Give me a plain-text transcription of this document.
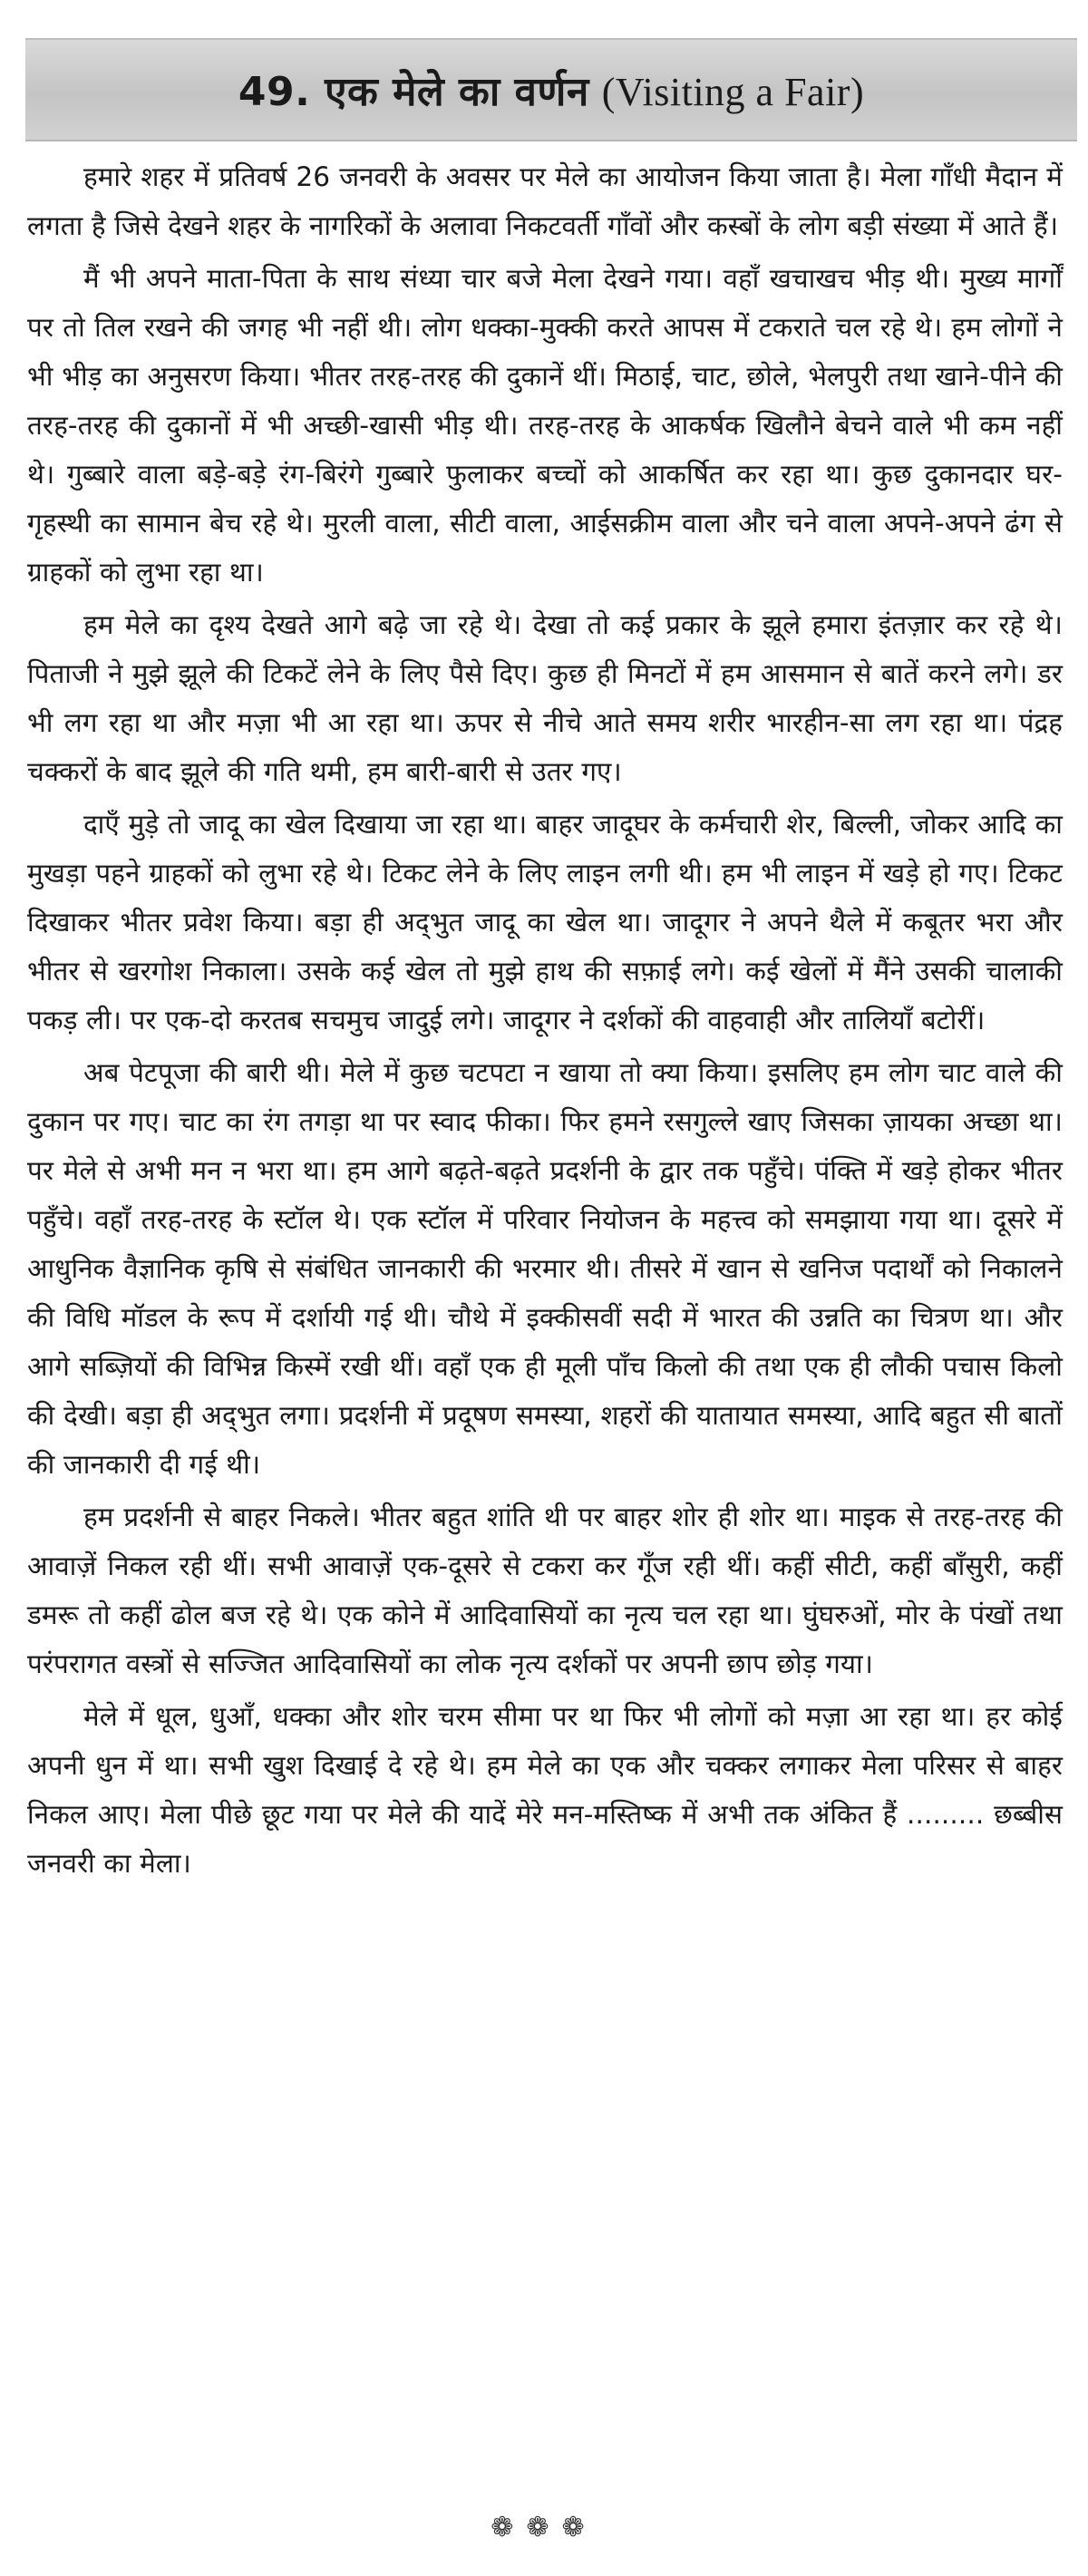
49. एक मेले का वर्णन (Visiting a Fair)

हमारे शहर में प्रतिवर्ष 26 जनवरी के अवसर पर मेले का आयोजन किया जाता है। मेला गाँधी मैदान में लगता है जिसे देखने शहर के नागरिकों के अलावा निकटवर्ती गाँवों और कस्बों के लोग बड़ी संख्या में आते हैं।

मैं भी अपने माता-पिता के साथ संध्या चार बजे मेला देखने गया। वहाँ खचाखच भीड़ थी। मुख्य मार्गों पर तो तिल रखने की जगह भी नहीं थी। लोग धक्का-मुक्की करते आपस में टकराते चल रहे थे। हम लोगों ने भी भीड़ का अनुसरण किया। भीतर तरह-तरह की दुकानें थीं। मिठाई, चाट, छोले, भेलपुरी तथा खाने-पीने की तरह-तरह की दुकानों में भी अच्छी-खासी भीड़ थी। तरह-तरह के आकर्षक खिलौने बेचने वाले भी कम नहीं थे। गुब्बारे वाला बड़े-बड़े रंग-बिरंगे गुब्बारे फुलाकर बच्चों को आकर्षित कर रहा था। कुछ दुकानदार घर-गृहस्थी का सामान बेच रहे थे। मुरली वाला, सीटी वाला, आईसक्रीम वाला और चने वाला अपने-अपने ढंग से ग्राहकों को लुभा रहा था।

हम मेले का दृश्य देखते आगे बढ़े जा रहे थे। देखा तो कई प्रकार के झूले हमारा इंतज़ार कर रहे थे। पिताजी ने मुझे झूले की टिकटें लेने के लिए पैसे दिए। कुछ ही मिनटों में हम आसमान से बातें करने लगे। डर भी लग रहा था और मज़ा भी आ रहा था। ऊपर से नीचे आते समय शरीर भारहीन-सा लग रहा था। पंद्रह चक्करों के बाद झूले की गति थमी, हम बारी-बारी से उतर गए।

दाएँ मुड़े तो जादू का खेल दिखाया जा रहा था। बाहर जादूघर के कर्मचारी शेर, बिल्ली, जोकर आदि का मुखड़ा पहने ग्राहकों को लुभा रहे थे। टिकट लेने के लिए लाइन लगी थी। हम भी लाइन में खड़े हो गए। टिकट दिखाकर भीतर प्रवेश किया। बड़ा ही अद्‌भुत जादू का खेल था। जादूगर ने अपने थैले में कबूतर भरा और भीतर से खरगोश निकाला। उसके कई खेल तो मुझे हाथ की सफ़ाई लगे। कई खेलों में मैंने उसकी चालाकी पकड़ ली। पर एक-दो करतब सचमुच जादुई लगे। जादूगर ने दर्शकों की वाहवाही और तालियाँ बटोरीं।

अब पेटपूजा की बारी थी। मेले में कुछ चटपटा न खाया तो क्या किया। इसलिए हम लोग चाट वाले की दुकान पर गए। चाट का रंग तगड़ा था पर स्वाद फीका। फिर हमने रसगुल्ले खाए जिसका ज़ायका अच्छा था। पर मेले से अभी मन न भरा था। हम आगे बढ़ते-बढ़ते प्रदर्शनी के द्वार तक पहुँचे। पंक्ति में खड़े होकर भीतर पहुँचे। वहाँ तरह-तरह के स्टॉल थे। एक स्टॉल में परिवार नियोजन के महत्त्व को समझाया गया था। दूसरे में आधुनिक वैज्ञानिक कृषि से संबंधित जानकारी की भरमार थी। तीसरे में खान से खनिज पदार्थों को निकालने की विधि मॉडल के रूप में दर्शायी गई थी। चौथे में इक्कीसवीं सदी में भारत की उन्नति का चित्रण था। और आगे सब्ज़ियों की विभिन्न किस्में रखी थीं। वहाँ एक ही मूली पाँच किलो की तथा एक ही लौकी पचास किलो की देखी। बड़ा ही अद्‌भुत लगा। प्रदर्शनी में प्रदूषण समस्या, शहरों की यातायात समस्या, आदि बहुत सी बातों की जानकारी दी गई थी।

हम प्रदर्शनी से बाहर निकले। भीतर बहुत शांति थी पर बाहर शोर ही शोर था। माइक से तरह-तरह की आवाज़ें निकल रही थीं। सभी आवाज़ें एक-दूसरे से टकरा कर गूँज रही थीं। कहीं सीटी, कहीं बाँसुरी, कहीं डमरू तो कहीं ढोल बज रहे थे। एक कोने में आदिवासियों का नृत्य चल रहा था। घुंघरुओं, मोर के पंखों तथा परंपरागत वस्त्रों से सज्जित आदिवासियों का लोक नृत्य दर्शकों पर अपनी छाप छोड़ गया।

मेले में धूल, धुआँ, धक्का और शोर चरम सीमा पर था फिर भी लोगों को मज़ा आ रहा था। हर कोई अपनी धुन में था। सभी खुश दिखाई दे रहे थे। हम मेले का एक और चक्कर लगाकर मेला परिसर से बाहर निकल आए। मेला पीछे छूट गया पर मेले की यादें मेरे मन-मस्तिष्क में अभी तक अंकित हैं ......... छब्बीस जनवरी का मेला।

❁❁❁
